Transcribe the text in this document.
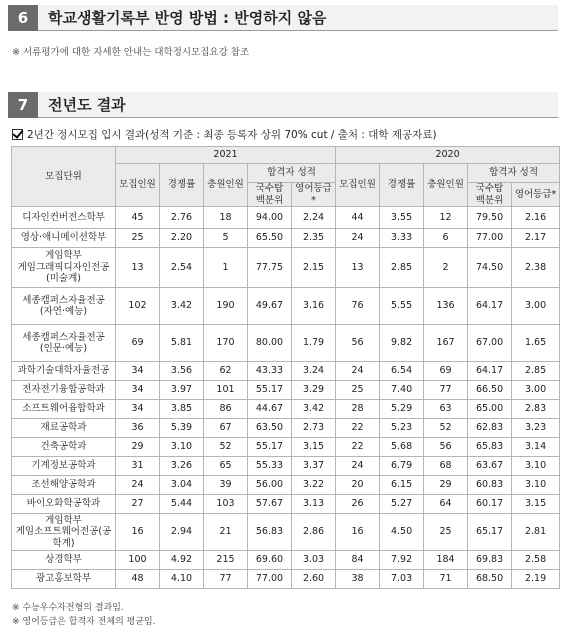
6	학교생활기록부 반영 방법 : 반영하지 않음
※ 서류평가에 대한 자세한 안내는 대학정시모집요강 참조
7	전년도 결과
2년간 정시모집 입시 결과(성적 기준 : 최종 등록자 상위 70% cut / 출처 : 대학 제공자료)
모집단위	2021					2020				
	모집인원	경쟁률	충원인원	합격자 성적		모집인원	경쟁률	충원인원	합격자 성적	
				국수탐 백분위	영어등급*				국수탐 백분위	영어등급*
디자인컨버전스학부	45	2.76	18	94.00	2.24	44	3.55	12	79.50	2.16
영상·애니메이션학부	25	2.20	5	65.50	2.35	24	3.33	6	77.00	2.17
게임학부
게임그래픽디자인전공
(미술계)	13	2.54	1	77.75	2.15	13	2.85	2	74.50	2.38
세종캠퍼스자율전공
(자연·예능)	102	3.42	190	49.67	3.16	76	5.55	136	64.17	3.00
세종캠퍼스자율전공
(인문·예능)	69	5.81	170	80.00	1.79	56	9.82	167	67.00	1.65
과학기술대학자율전공	34	3.56	62	43.33	3.24	24	6.54	69	64.17	2.85
전자전기융합공학과	34	3.97	101	55.17	3.29	25	7.40	77	66.50	3.00
소프트웨어융합학과	34	3.85	86	44.67	3.42	28	5.29	63	65.00	2.83
재료공학과	36	5.39	67	63.50	2.73	22	5.23	52	62.83	3.23
건축공학과	29	3.10	52	55.17	3.15	22	5.68	56	65.83	3.14
기계정보공학과	31	3.26	65	55.33	3.37	24	6.79	68	63.67	3.10
조선해양공학과	24	3.04	39	56.00	3.22	20	6.15	29	60.83	3.10
바이오화학공학과	27	5.44	103	57.67	3.13	26	5.27	64	60.17	3.15
게임학부
게임소프트웨어전공(공학계)	16	2.94	21	56.83	2.86	16	4.50	25	65.17	2.81
상경학부	100	4.92	215	69.60	3.03	84	7.92	184	69.83	2.58
광고홍보학부	48	4.10	77	77.00	2.60	38	7.03	71	68.50	2.19
※ 수능우수자전형의 결과임.
※ 영어등급은 합격자 전체의 평균임.
